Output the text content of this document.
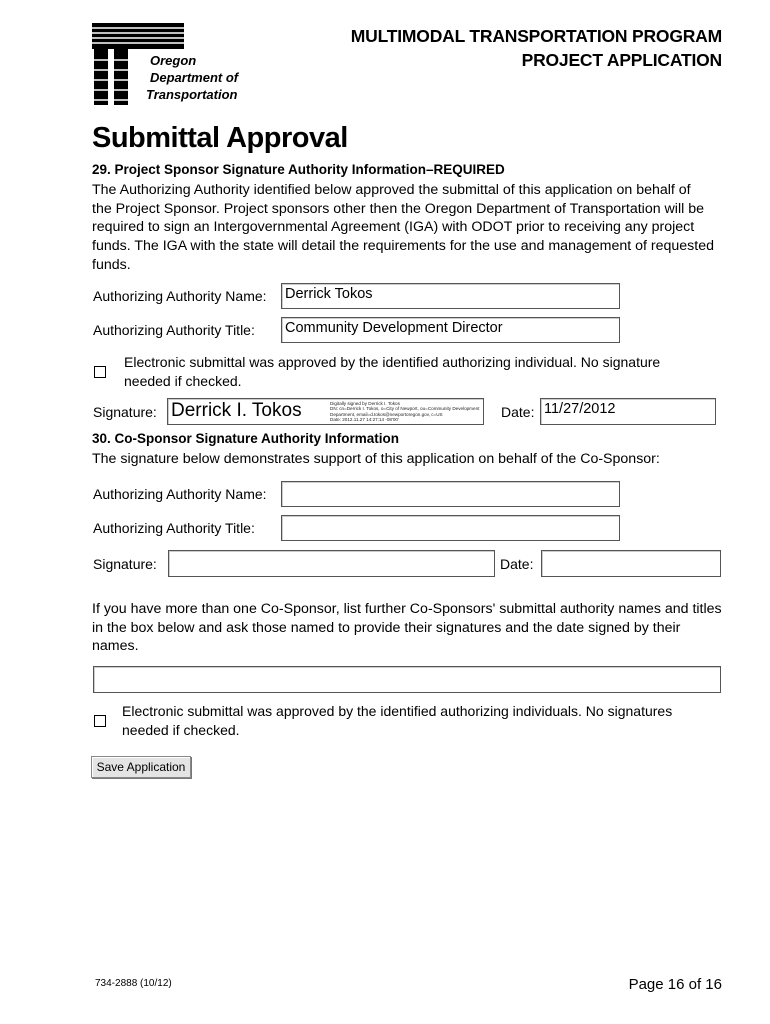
Oregon
Department of
Transportation
MULTIMODAL TRANSPORTATION PROGRAM
PROJECT APPLICATION
Submittal Approval
29. Project Sponsor Signature Authority Information–REQUIRED
The Authorizing Authority identified below approved the submittal of this application on behalf of
the Project Sponsor. Project sponsors other then the Oregon Department of Transportation will be
required to sign an Intergovernmental Agreement (IGA) with ODOT prior to receiving any project
funds. The IGA with the state will detail the requirements for the use and management of requested
funds.
Authorizing Authority Name: Derrick Tokos
Authorizing Authority Title: Community Development Director
Electronic submittal was approved by the identified authorizing individual. No signature
needed if checked.
Signature: Derrick I. Tokos	Digitally signed by Derrick I. Tokos
DN: cn=Derrick I. Tokos, o=City of Newport, ou=Community Development
Department, email=d.tokos@newportoregon.gov, c=US
Date: 2012.11.27 14:27:14 -08'00'	Date: 11/27/2012
30. Co-Sponsor Signature Authority Information
The signature below demonstrates support of this application on behalf of the Co-Sponsor:
Authorizing Authority Name:
Authorizing Authority Title:
Signature:	Date:
If you have more than one Co-Sponsor, list further Co-Sponsors' submittal authority names and titles
in the box below and ask those named to provide their signatures and the date signed by their
names.
Electronic submittal was approved by the identified authorizing individuals. No signatures
needed if checked.
Save Application
734-2888 (10/12)	Page 16 of 16
